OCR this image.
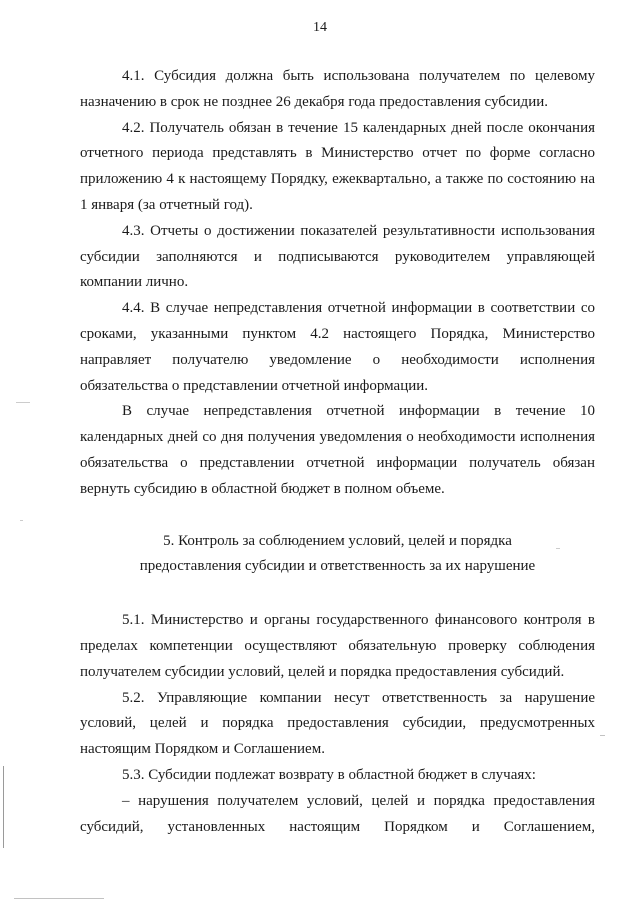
14

4.1. Субсидия должна быть использована получателем по целевому назначению в срок не позднее 26 декабря года предоставления субсидии.

4.2. Получатель обязан в течение 15 календарных дней после окончания отчетного периода представлять в Министерство отчет по форме согласно приложению 4 к настоящему Порядку, ежеквартально, а также по состоянию на 1 января (за отчетный год).

4.3. Отчеты о достижении показателей результативности использования субсидии заполняются и подписываются руководителем управляющей компании лично.

4.4. В случае непредставления отчетной информации в соответствии со сроками, указанными пунктом 4.2 настоящего Порядка, Министерство направляет получателю уведомление о необходимости исполнения обязательства о представлении отчетной информации.

В случае непредставления отчетной информации в течение 10 календарных дней со дня получения уведомления о необходимости исполнения обязательства о представлении отчетной информации получатель обязан вернуть субсидию в областной бюджет в полном объеме.

5. Контроль за соблюдением условий, целей и порядка

предоставления субсидии и ответственность за их нарушение

5.1. Министерство и органы государственного финансового контроля в пределах компетенции осуществляют обязательную проверку соблюдения получателем субсидии условий, целей и порядка предоставления субсидий.

5.2. Управляющие компании несут ответственность за нарушение условий, целей и порядка предоставления субсидии, предусмотренных настоящим Порядком и Соглашением.

5.3. Субсидии подлежат возврату в областной бюджет в случаях:

– нарушения получателем условий, целей и порядка предоставления субсидий, установленных настоящим Порядком и Соглашением,
